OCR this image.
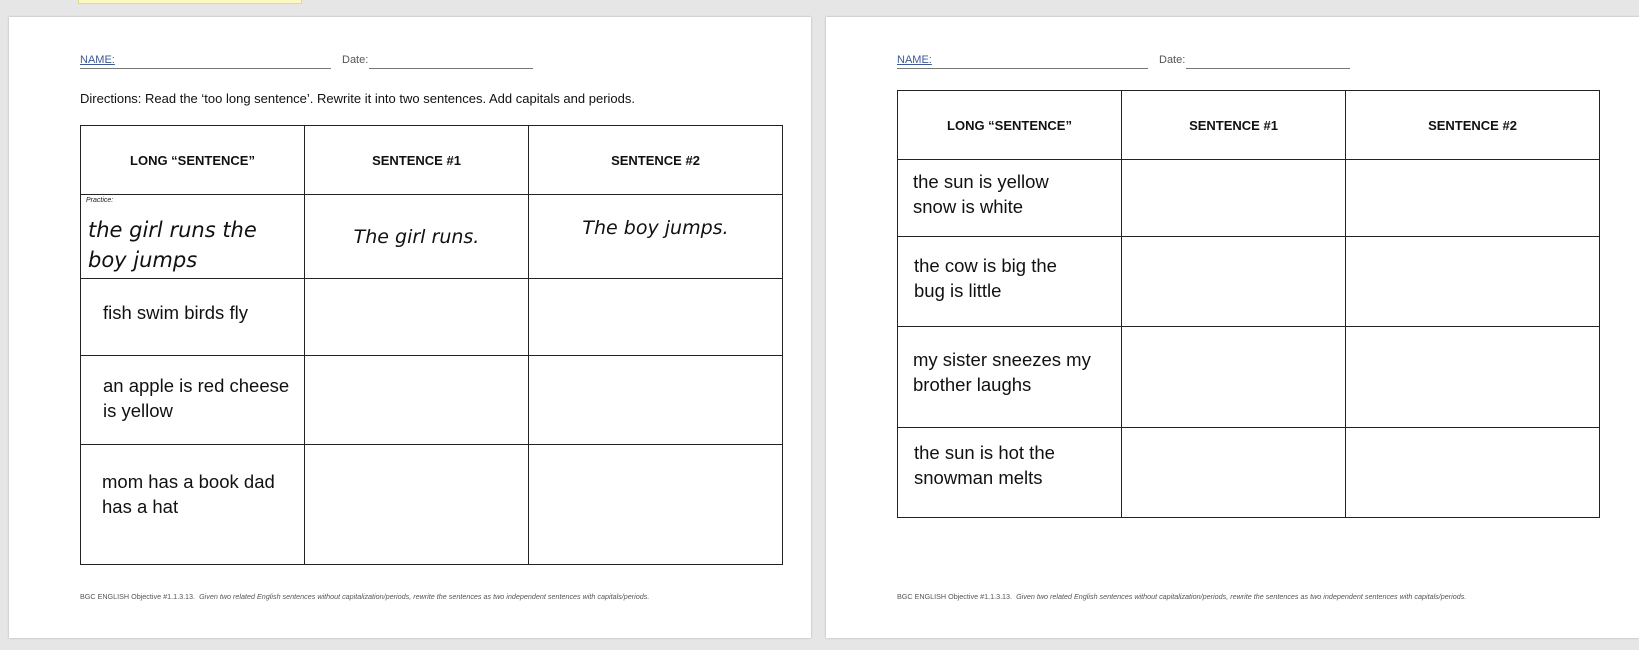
NAME:	Date:
Directions: Read the ‘too long sentence’. Rewrite it into two sentences. Add capitals and periods.
LONG “SENTENCE”	SENTENCE #1	SENTENCE #2

Practice:
the girl runs the boy jumps	The girl runs.	The boy jumps.

fish swim birds fly		

an apple is red cheese
is yellow		

mom has a book dad
has a hat		

BGC ENGLISH Objective #1.1.3.13. Given two related English sentences without capitalization/periods, rewrite the sentences as two independent sentences with capitals/periods.
NAME:	Date:
LONG “SENTENCE”	SENTENCE #1	SENTENCE #2

the sun is yellow
snow is white		

the cow is big the
bug is little		

my sister sneezes my
brother laughs		

the sun is hot the
snowman melts		

BGC ENGLISH Objective #1.1.3.13. Given two related English sentences without capitalization/periods, rewrite the sentences as two independent sentences with capitals/periods.
